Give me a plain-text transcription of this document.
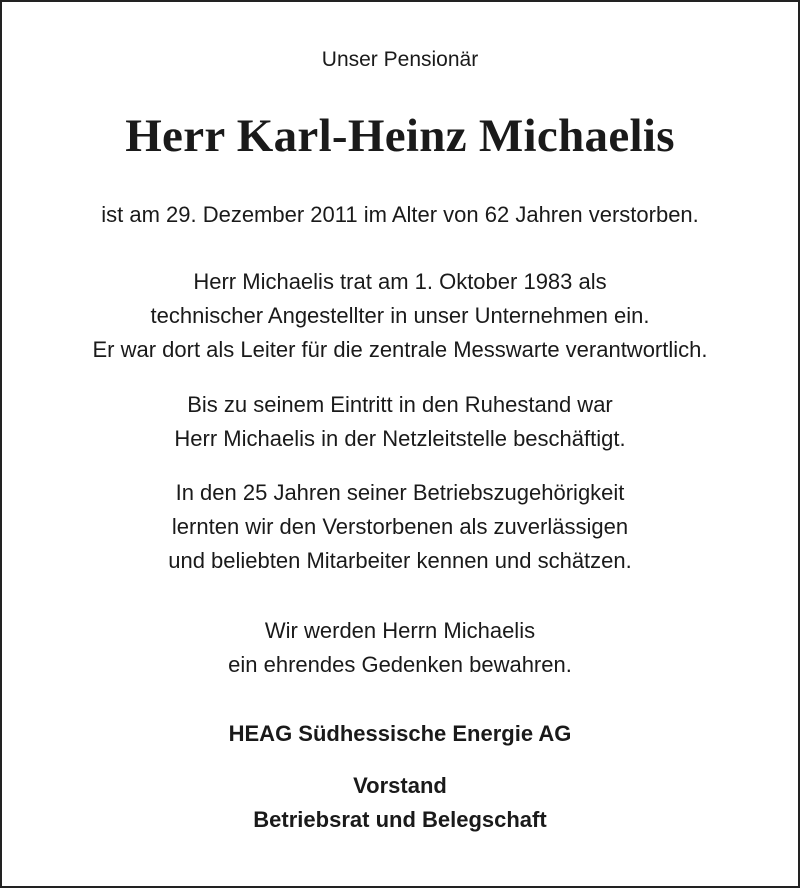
Unser Pensionär
Herr Karl-Heinz Michaelis
ist am 29. Dezember 2011 im Alter von 62 Jahren verstorben.
Herr Michaelis trat am 1. Oktober 1983 als
technischer Angestellter in unser Unternehmen ein.
Er war dort als Leiter für die zentrale Messwarte verantwortlich.
Bis zu seinem Eintritt in den Ruhestand war
Herr Michaelis in der Netzleitstelle beschäftigt.
In den 25 Jahren seiner Betriebszugehörigkeit
lernten wir den Verstorbenen als zuverlässigen
und beliebten Mitarbeiter kennen und schätzen.
Wir werden Herrn Michaelis
ein ehrendes Gedenken bewahren.
HEAG Südhessische Energie AG
Vorstand
Betriebsrat und Belegschaft
